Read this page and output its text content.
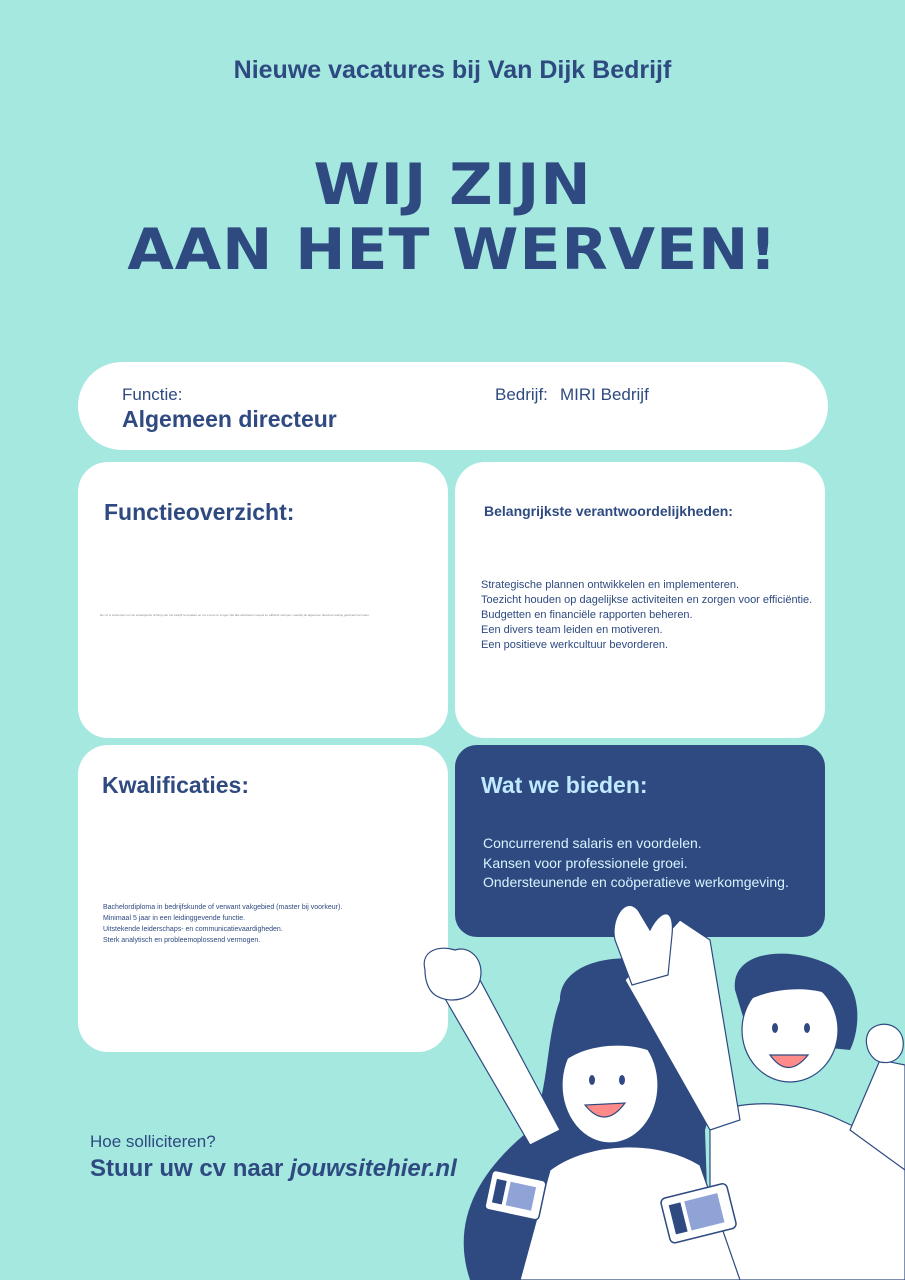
Nieuwe vacatures bij Van Dijk Bedrijf
WIJ ZIJN
AAN HET WERVEN!
Functie:
Algemeen directeur
Bedrijf: MIRI Bedrijf
Functieoverzicht:
De rol is ontworpen om de strategische richting van het bedrijf te bepalen en om ervoor te zorgen dat alle activiteiten soepel en efficiënt verlopen, waarbij de algemeen directeur leiding geeft aan het team.
Belangrijkste verantwoordelijkheden:
Strategische plannen ontwikkelen en implementeren.
Toezicht houden op dagelijkse activiteiten en zorgen voor efficiëntie.
Budgetten en financiële rapporten beheren.
Een divers team leiden en motiveren.
Een positieve werkcultuur bevorderen.
Kwalificaties:
Bachelordiploma in bedrijfskunde of verwant vakgebied (master bij voorkeur).
Minimaal 5 jaar in een leidinggevende functie.
Uitstekende leiderschaps- en communicatievaardigheden.
Sterk analytisch en probleemoplossend vermogen.
Wat we bieden:
Concurrerend salaris en voordelen.
Kansen voor professionele groei.
Ondersteunende en coöperatieve werkomgeving.
Hoe solliciteren?
Stuur uw cv naar jouwsitehier.nl
